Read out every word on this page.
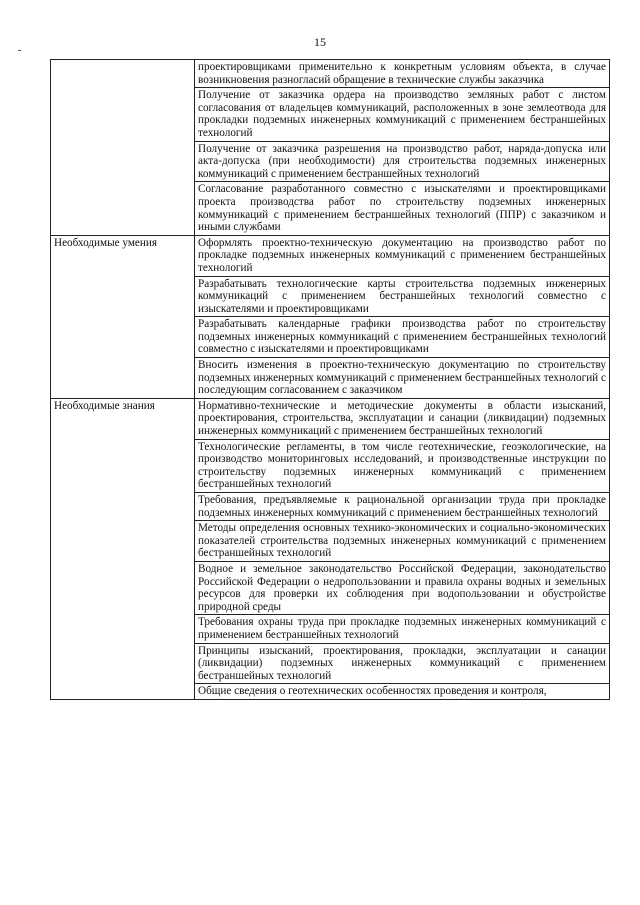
15
	проектировщиками применительно к конкретным условиям объекта, в случае возникновения разногласий обращение в технические службы заказчика
	Получение от заказчика ордера на производство земляных работ с листом согласования от владельцев коммуникаций, расположенных в зоне землеотвода для прокладки подземных инженерных коммуникаций с применением бестраншейных технологий
	Получение от заказчика разрешения на производство работ, наряда-допуска или акта-допуска (при необходимости) для строительства подземных инженерных коммуникаций с применением бестраншейных технологий
	Согласование разработанного совместно с изыскателями и проектировщиками проекта производства работ по строительству подземных инженерных коммуникаций с применением бестраншейных технологий (ППР) с заказчиком и иными службами
Необходимые умения	Оформлять проектно-техническую документацию на производство работ по прокладке подземных инженерных коммуникаций с применением бестраншейных технологий
	Разрабатывать технологические карты строительства подземных инженерных коммуникаций с применением бестраншейных технологий совместно с изыскателями и проектировщиками
	Разрабатывать календарные графики производства работ по строительству подземных инженерных коммуникаций с применением бестраншейных технологий совместно с изыскателями и проектировщиками
	Вносить изменения в проектно-техническую документацию по строительству подземных инженерных коммуникаций с применением бестраншейных технологий с последующим согласованием с заказчиком
Необходимые знания	Нормативно-технические и методические документы в области изысканий, проектирования, строительства, эксплуатации и санации (ликвидации) подземных инженерных коммуникаций с применением бестраншейных технологий
	Технологические регламенты, в том числе геотехнические, геоэкологические, на производство мониторинговых исследований, и производственные инструкции по строительству подземных инженерных коммуникаций с применением бестраншейных технологий
	Требования, предъявляемые к рациональной организации труда при прокладке подземных инженерных коммуникаций с применением бестраншейных технологий
	Методы определения основных технико-экономических и социально-экономических показателей строительства подземных инженерных коммуникаций с применением бестраншейных технологий
	Водное и земельное законодательство Российской Федерации, законодательство Российской Федерации о недропользовании и правила охраны водных и земельных ресурсов для проверки их соблюдения при водопользовании и обустройстве природной среды
	Требования охраны труда при прокладке подземных инженерных коммуникаций с применением бестраншейных технологий
	Принципы изысканий, проектирования, прокладки, эксплуатации и санации (ликвидации) подземных инженерных коммуникаций с применением бестраншейных технологий
	Общие сведения о геотехнических особенностях проведения и контроля,
